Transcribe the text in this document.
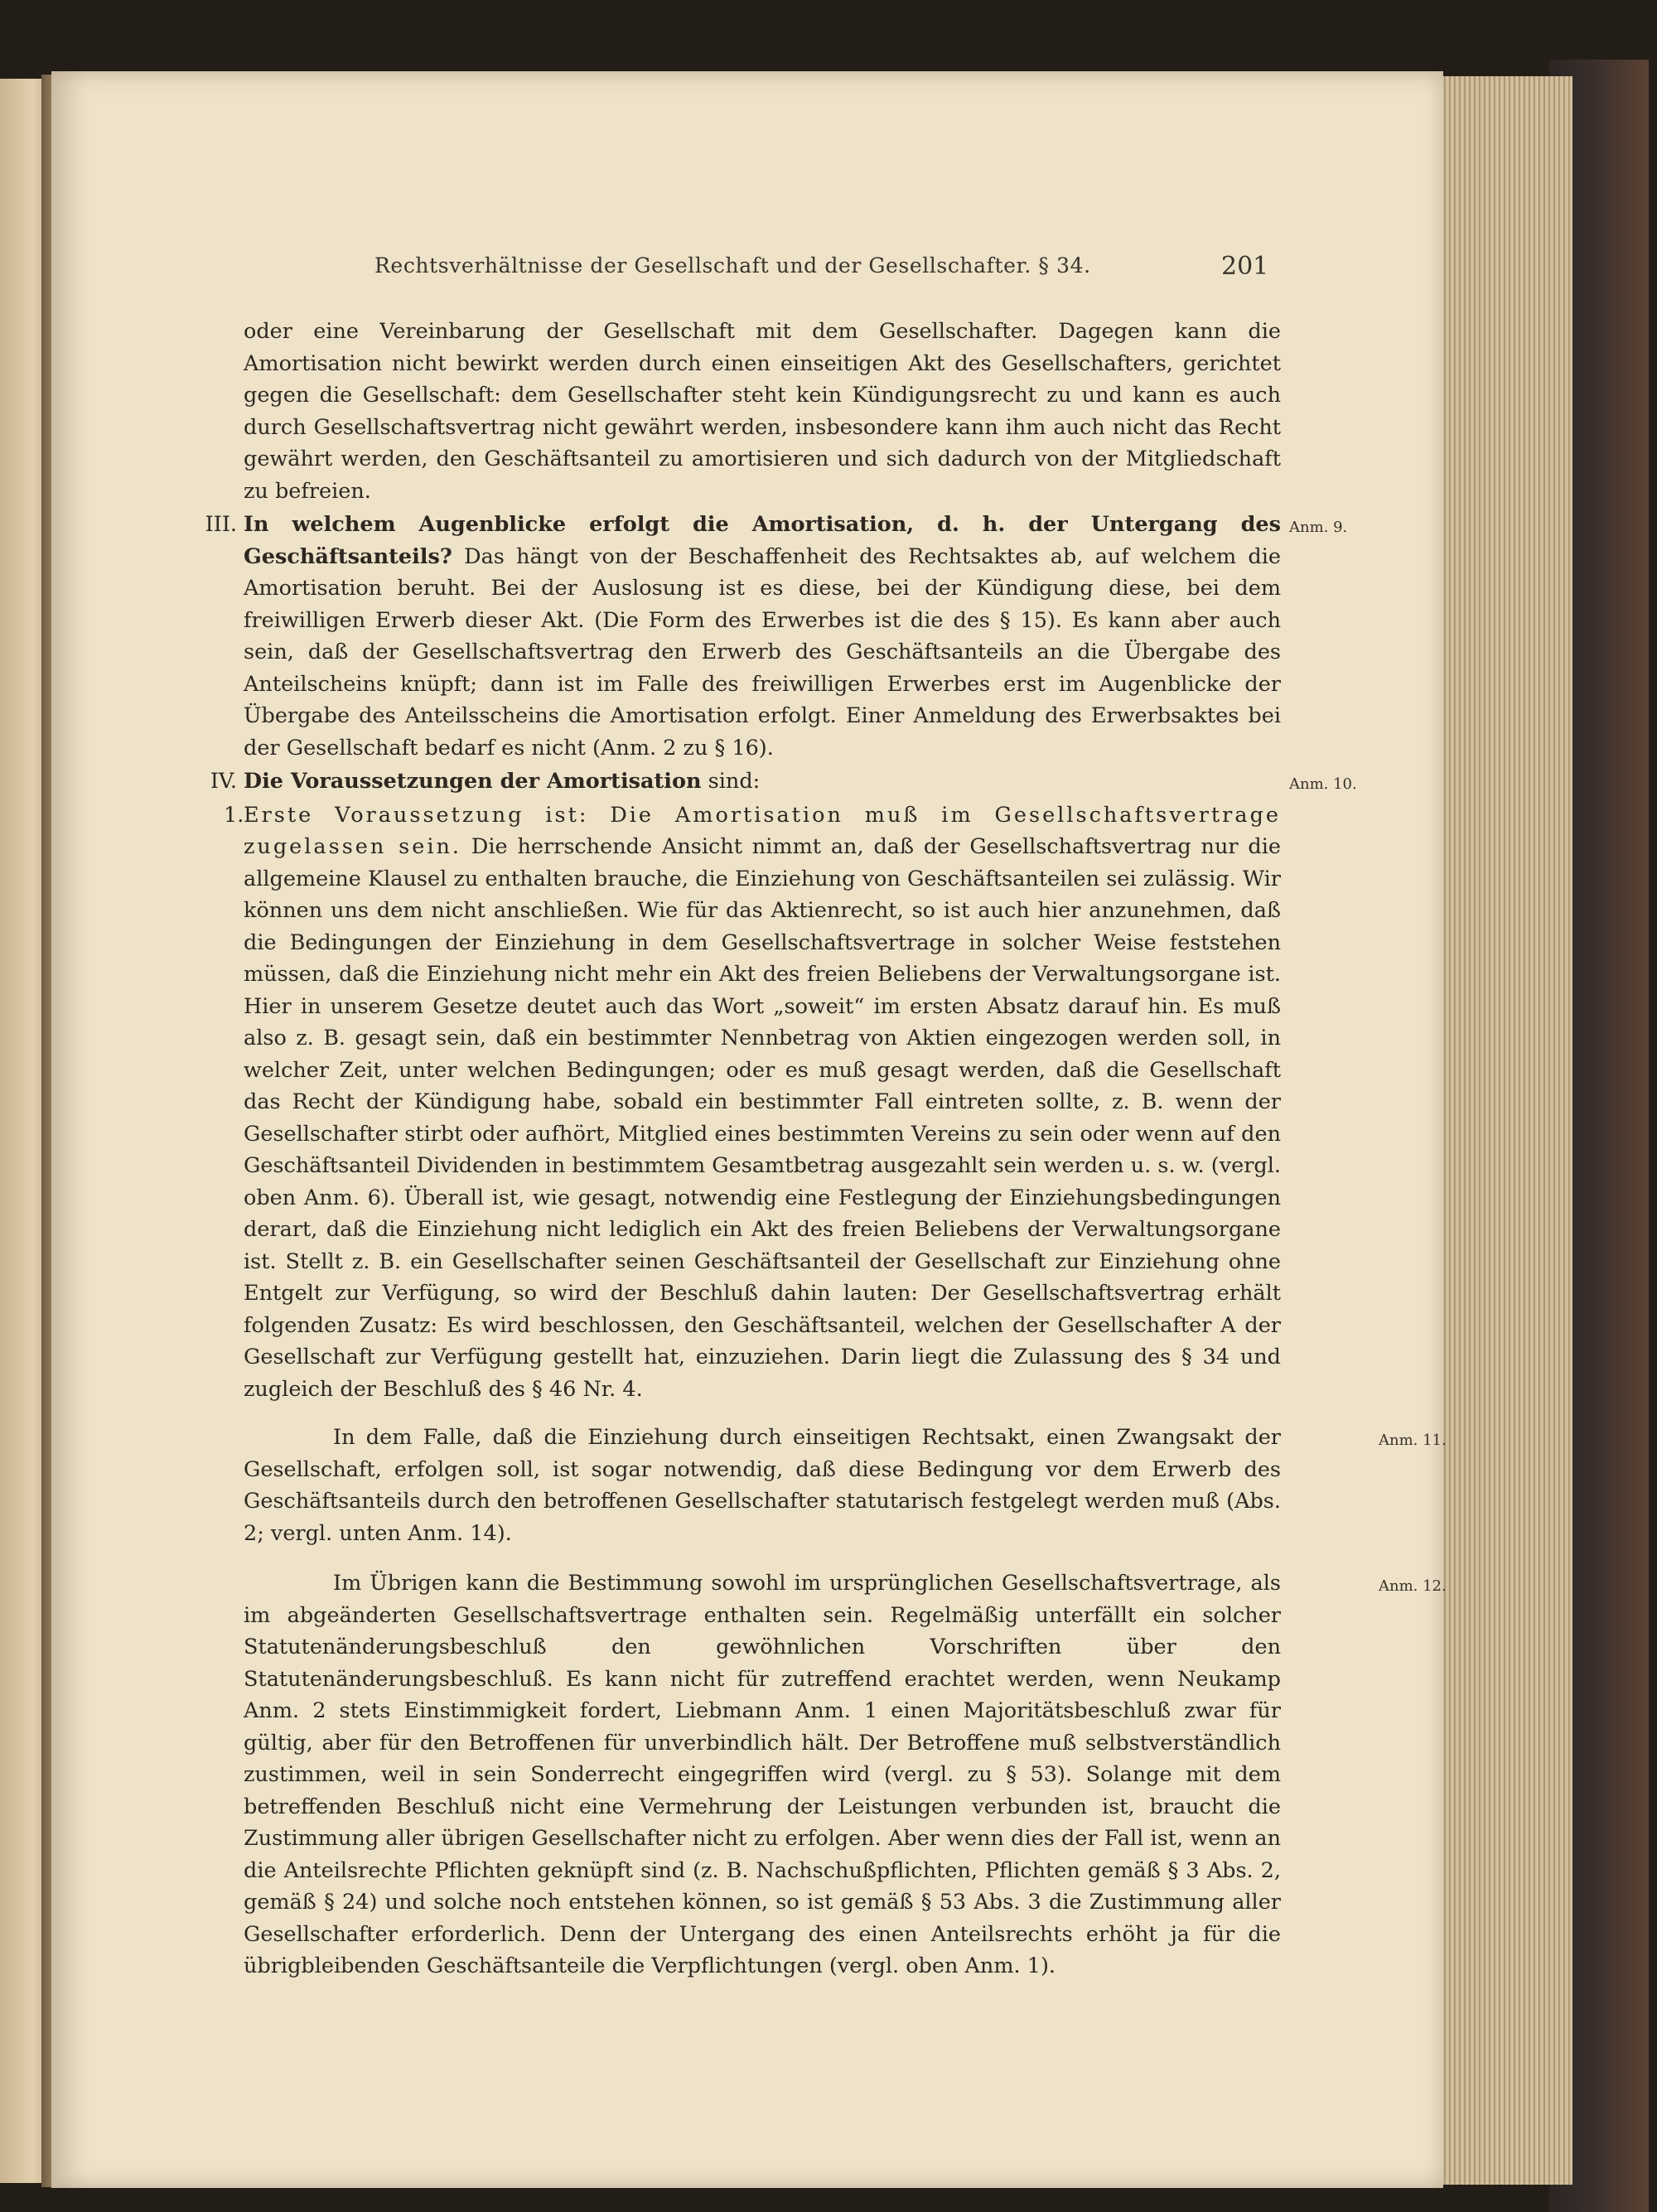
Rechtsverhältnisse der Gesellschaft und der Gesellschafter. § 34.	201

oder eine Vereinbarung der Gesellschaft mit dem Gesellschafter. Dagegen kann die Amortisation nicht bewirkt werden durch einen einseitigen Akt des Gesellschafters, gerichtet gegen die Gesellschaft: dem Gesellschafter steht kein Kündigungsrecht zu und kann es auch durch Gesellschaftsvertrag nicht gewährt werden, insbesondere kann ihm auch nicht das Recht gewährt werden, den Geschäftsanteil zu amortisieren und sich dadurch von der Mitgliedschaft zu befreien.

III. In welchem Augenblicke erfolgt die Amortisation, d. h. der Untergang des Geschäftsanteils? Das hängt von der Beschaffenheit des Rechtsaktes ab, auf welchem die Amortisation beruht. Bei der Auslosung ist es diese, bei der Kündigung diese, bei dem freiwilligen Erwerb dieser Akt. (Die Form des Erwerbes ist die des § 15). Es kann aber auch sein, daß der Gesellschaftsvertrag den Erwerb des Geschäftsanteils an die Übergabe des Anteilscheins knüpft; dann ist im Falle des freiwilligen Erwerbes erst im Augenblicke der Übergabe des Anteilsscheins die Amortisation erfolgt. Einer Anmeldung des Erwerbsaktes bei der Gesellschaft bedarf es nicht (Anm. 2 zu § 16).
Anm. 9.

IV. Die Voraussetzungen der Amortisation sind:	Anm. 10.

1. Erste Voraussetzung ist: Die Amortisation muß im Gesellschaftsvertrage zugelassen sein. Die herrschende Ansicht nimmt an, daß der Gesellschaftsvertrag nur die allgemeine Klausel zu enthalten brauche, die Einziehung von Geschäftsanteilen sei zulässig. Wir können uns dem nicht anschließen. Wie für das Aktienrecht, so ist auch hier anzunehmen, daß die Bedingungen der Einziehung in dem Gesellschaftsvertrage in solcher Weise feststehen müssen, daß die Einziehung nicht mehr ein Akt des freien Beliebens der Verwaltungsorgane ist. Hier in unserem Gesetze deutet auch das Wort „soweit“ im ersten Absatz darauf hin. Es muß also z. B. gesagt sein, daß ein bestimmter Nennbetrag von Aktien eingezogen werden soll, in welcher Zeit, unter welchen Bedingungen; oder es muß gesagt werden, daß die Gesellschaft das Recht der Kündigung habe, sobald ein bestimmter Fall eintreten sollte, z. B. wenn der Gesellschafter stirbt oder aufhört, Mitglied eines bestimmten Vereins zu sein oder wenn auf den Geschäftsanteil Dividenden in bestimmtem Gesamtbetrag ausgezahlt sein werden u. s. w. (vergl. oben Anm. 6). Überall ist, wie gesagt, notwendig eine Festlegung der Einziehungsbedingungen derart, daß die Einziehung nicht lediglich ein Akt des freien Beliebens der Verwaltungsorgane ist. Stellt z. B. ein Gesellschafter seinen Geschäftsanteil der Gesellschaft zur Einziehung ohne Entgelt zur Verfügung, so wird der Beschluß dahin lauten: Der Gesellschaftsvertrag erhält folgenden Zusatz: Es wird beschlossen, den Geschäftsanteil, welchen der Gesellschafter A der Gesellschaft zur Verfügung gestellt hat, einzuziehen. Darin liegt die Zulassung des § 34 und zugleich der Beschluß des § 46 Nr. 4.

In dem Falle, daß die Einziehung durch einseitigen Rechtsakt, einen Zwangsakt der Gesellschaft, erfolgen soll, ist sogar notwendig, daß diese Bedingung vor dem Erwerb des Geschäftsanteils durch den betroffenen Gesellschafter statutarisch festgelegt werden muß (Abs. 2; vergl. unten Anm. 14).
Anm. 11.

Im Übrigen kann die Bestimmung sowohl im ursprünglichen Gesellschaftsvertrage, als im abgeänderten Gesellschaftsvertrage enthalten sein. Regelmäßig unterfällt ein solcher Statutenänderungsbeschluß den gewöhnlichen Vorschriften über den Statutenänderungsbeschluß. Es kann nicht für zutreffend erachtet werden, wenn Neukamp Anm. 2 stets Einstimmigkeit fordert, Liebmann Anm. 1 einen Majoritätsbeschluß zwar für gültig, aber für den Betroffenen für unverbindlich hält. Der Betroffene muß selbstverständlich zustimmen, weil in sein Sonderrecht eingegriffen wird (vergl. zu § 53). Solange mit dem betreffenden Beschluß nicht eine Vermehrung der Leistungen verbunden ist, braucht die Zustimmung aller übrigen Gesellschafter nicht zu erfolgen. Aber wenn dies der Fall ist, wenn an die Anteilsrechte Pflichten geknüpft sind (z. B. Nachschußpflichten, Pflichten gemäß § 3 Abs. 2, gemäß § 24) und solche noch entstehen können, so ist gemäß § 53 Abs. 3 die Zustimmung aller Gesellschafter erforderlich. Denn der Untergang des einen Anteilsrechts erhöht ja für die übrigbleibenden Geschäftsanteile die Verpflichtungen (vergl. oben Anm. 1).
Anm. 12.
